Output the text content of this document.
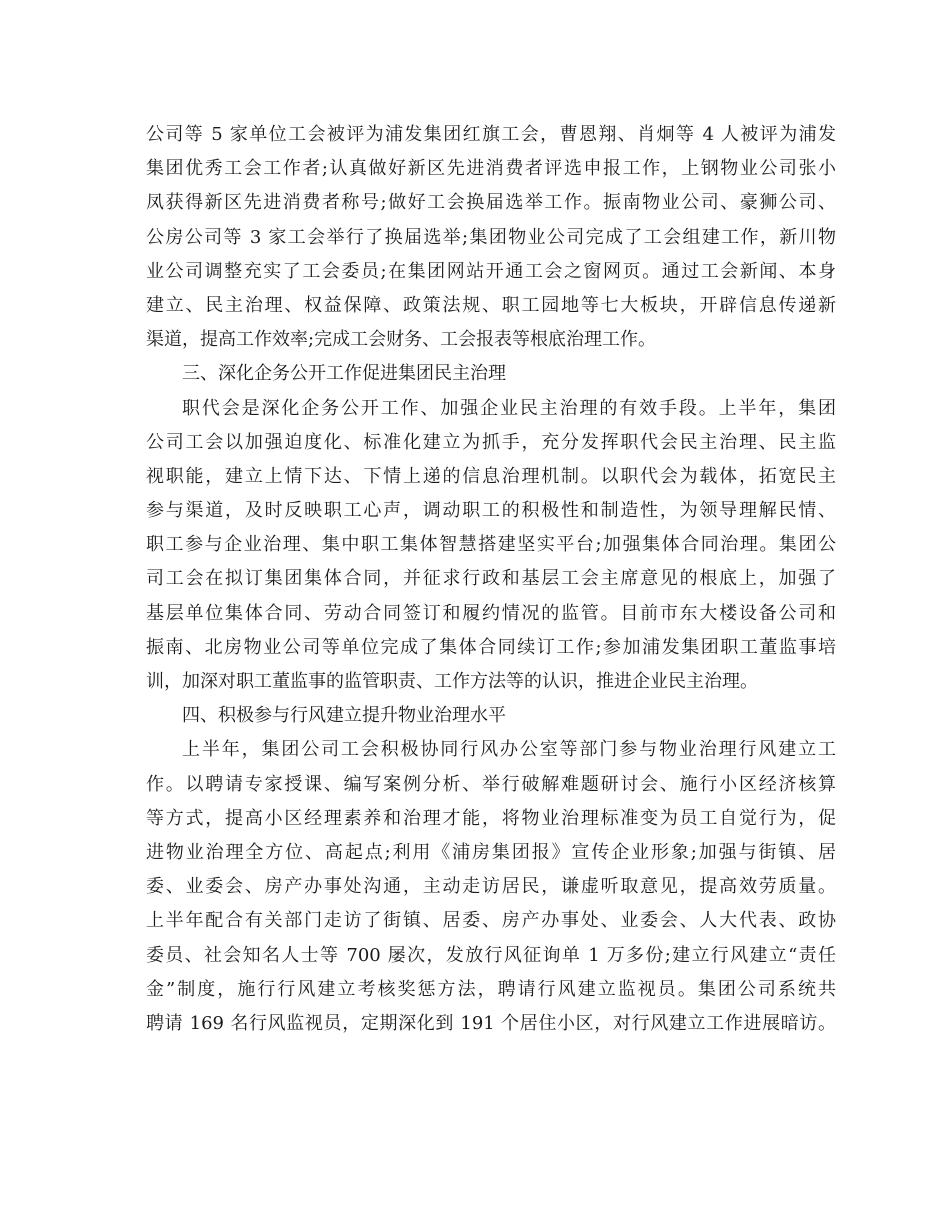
公司等 5 家单位工会被评为浦发集团红旗工会，曹恩翔、肖炯等 4 人被评为浦发
集团优秀工会工作者;认真做好新区先进消费者评选申报工作，上钢物业公司张小
凤获得新区先进消费者称号;做好工会换届选举工作。振南物业公司、豪狮公司、
公房公司等 3 家工会举行了换届选举;集团物业公司完成了工会组建工作，新川物
业公司调整充实了工会委员;在集团网站开通工会之窗网页。通过工会新闻、本身
建立、民主治理、权益保障、政策法规、职工园地等七大板块，开辟信息传递新
渠道，提高工作效率;完成工会财务、工会报表等根底治理工作。
三、深化企务公开工作促进集团民主治理
职代会是深化企务公开工作、加强企业民主治理的有效手段。上半年，集团
公司工会以加强迫度化、标准化建立为抓手，充分发挥职代会民主治理、民主监
视职能，建立上情下达、下情上递的信息治理机制。以职代会为载体，拓宽民主
参与渠道，及时反映职工心声，调动职工的积极性和制造性，为领导理解民情、
职工参与企业治理、集中职工集体智慧搭建坚实平台;加强集体合同治理。集团公
司工会在拟订集团集体合同，并征求行政和基层工会主席意见的根底上，加强了
基层单位集体合同、劳动合同签订和履约情况的监管。目前市东大楼设备公司和
振南、北房物业公司等单位完成了集体合同续订工作;参加浦发集团职工董监事培
训，加深对职工董监事的监管职责、工作方法等的认识，推进企业民主治理。
四、积极参与行风建立提升物业治理水平
上半年，集团公司工会积极协同行风办公室等部门参与物业治理行风建立工
作。以聘请专家授课、编写案例分析、举行破解难题研讨会、施行小区经济核算
等方式，提高小区经理素养和治理才能，将物业治理标准变为员工自觉行为，促
进物业治理全方位、高起点;利用《浦房集团报》宣传企业形象;加强与街镇、居
委、业委会、房产办事处沟通，主动走访居民，谦虚听取意见，提高效劳质量。
上半年配合有关部门走访了街镇、居委、房产办事处、业委会、人大代表、政协
委员、社会知名人士等 700 屡次，发放行风征询单 1 万多份;建立行风建立“责任
金”制度，施行行风建立考核奖惩方法，聘请行风建立监视员。集团公司系统共
聘请 169 名行风监视员，定期深化到 191 个居住小区，对行风建立工作进展暗访。
